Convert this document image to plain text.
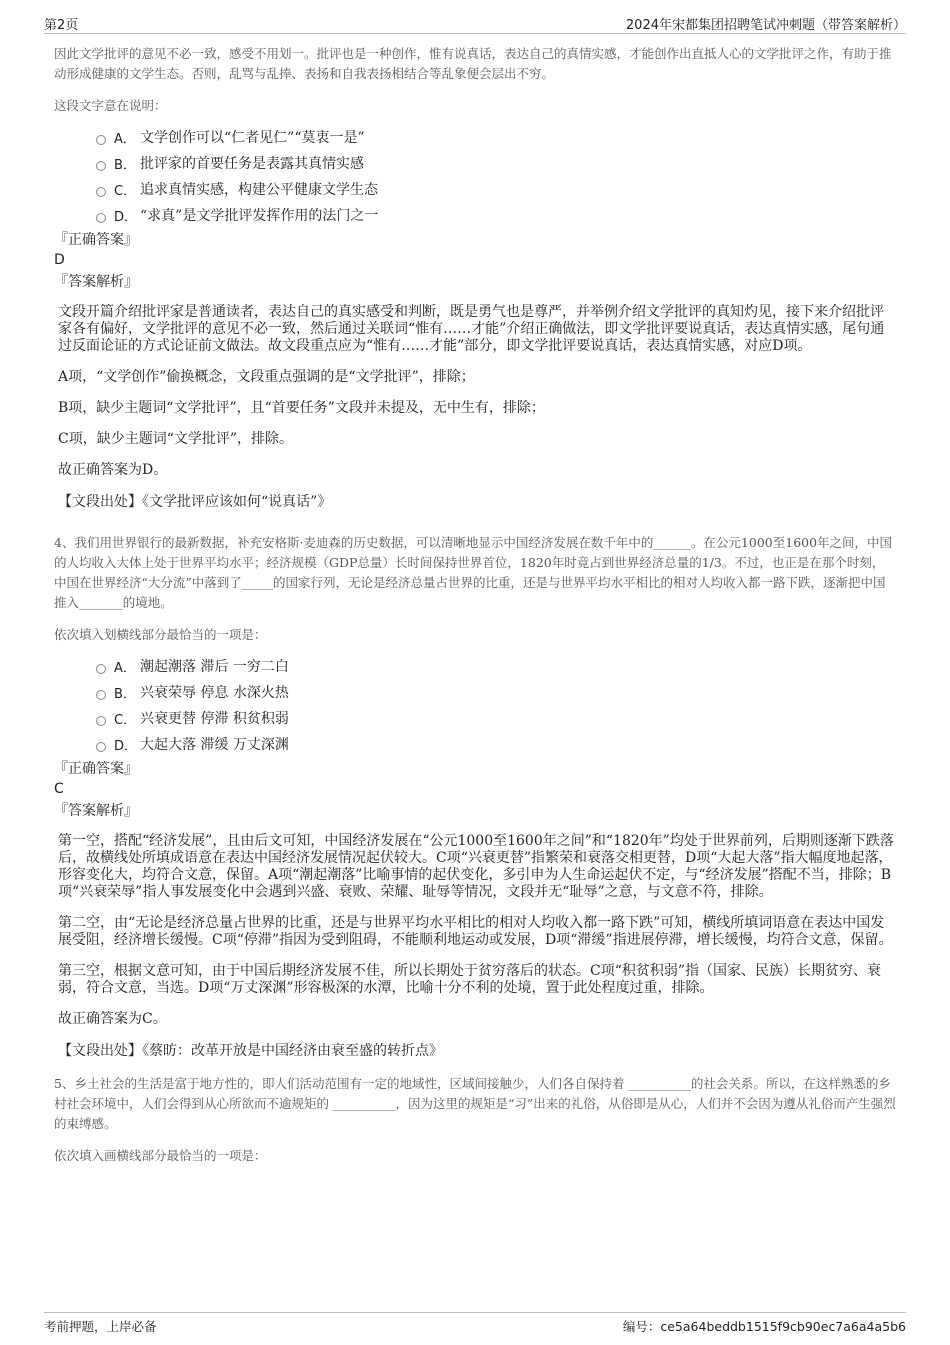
第2页	2024年宋都集团招聘笔试冲刺题（带答案解析）
因此文学批评的意见不必一致，感受不用划一。批评也是一种创作，惟有说真话，表达自己的真情实感，才能创作出直抵人心的文学批评之作，有助于推动形成健康的文学生态。否则，乱骂与乱捧、表扬和自我表扬相结合等乱象便会层出不穷。
这段文字意在说明：
A． 文学创作可以“仁者见仁”“莫衷一是”
B． 批评家的首要任务是表露其真情实感
C． 追求真情实感，构建公平健康文学生态
D． “求真”是文学批评发挥作用的法门之一
『正确答案』
D
『答案解析』
文段开篇介绍批评家是普通读者，表达自己的真实感受和判断，既是勇气也是尊严，并举例介绍文学批评的真知灼见，接下来介绍批评家各有偏好，文学批评的意见不必一致，然后通过关联词“惟有……才能”介绍正确做法，即文学批评要说真话，表达真情实感，尾句通过反面论证的方式论证前文做法。故文段重点应为“惟有……才能”部分，即文学批评要说真话，表达真情实感，对应D项。
A项，“文学创作”偷换概念，文段重点强调的是“文学批评”，排除；
B项，缺少主题词“文学批评”，且“首要任务”文段并未提及，无中生有，排除；
C项，缺少主题词“文学批评”，排除。
故正确答案为D。
【文段出处】《文学批评应该如何“说真话”》
4、我们用世界银行的最新数据，补充安格斯·麦迪森的历史数据，可以清晰地显示中国经济发展在数千年中的______。在公元1000至1600年之间，中国的人均收入大体上处于世界平均水平；经济规模（GDP总量）长时间保持世界首位，1820年时竟占到世界经济总量的1/3。不过，也正是在那个时刻，中国在世界经济“大分流”中落到了_____的国家行列，无论是经济总量占世界的比重，还是与世界平均水平相比的相对人均收入都一路下跌，逐渐把中国推入_______的境地。
依次填入划横线部分最恰当的一项是：
A． 潮起潮落 滞后 一穷二白
B． 兴衰荣辱 停息 水深火热
C． 兴衰更替 停滞 积贫积弱
D． 大起大落 滞缓 万丈深渊
『正确答案』
C
『答案解析』
第一空，搭配“经济发展”，且由后文可知，中国经济发展在“公元1000至1600年之间”和“1820年”均处于世界前列，后期则逐渐下跌落后，故横线处所填成语意在表达中国经济发展情况起伏较大。C项“兴衰更替”指繁荣和衰落交相更替，D项“大起大落”指大幅度地起落，形容变化大，均符合文意，保留。A项“潮起潮落”比喻事情的起伏变化，多引申为人生命运起伏不定，与“经济发展”搭配不当，排除；B项“兴衰荣辱”指人事发展变化中会遇到兴盛、衰败、荣耀、耻辱等情况，文段并无“耻辱”之意，与文意不符，排除。
第二空，由“无论是经济总量占世界的比重，还是与世界平均水平相比的相对人均收入都一路下跌”可知，横线所填词语意在表达中国发展受阻，经济增长缓慢。C项“停滞”指因为受到阻碍，不能顺利地运动或发展，D项“滞缓”指进展停滞，增长缓慢，均符合文意，保留。
第三空，根据文意可知，由于中国后期经济发展不佳，所以长期处于贫穷落后的状态。C项“积贫积弱”指（国家、民族）长期贫穷、衰弱，符合文意，当选。D项“万丈深渊”形容极深的水潭，比喻十分不利的处境，置于此处程度过重，排除。
故正确答案为C。
【文段出处】《蔡昉：改革开放是中国经济由衰至盛的转折点》
5、乡土社会的生活是富于地方性的，即人们活动范围有一定的地域性，区域间接触少，人们各自保持着 __________的社会关系。所以，在这样熟悉的乡村社会环境中，人们会得到从心所欲而不逾规矩的 __________，因为这里的规矩是“习”出来的礼俗，从俗即是从心，人们并不会因为遵从礼俗而产生强烈的束缚感。
依次填入画横线部分最恰当的一项是：
考前押题，上岸必备	编号：ce5a64beddb1515f9cb90ec7a6a4a5b6
